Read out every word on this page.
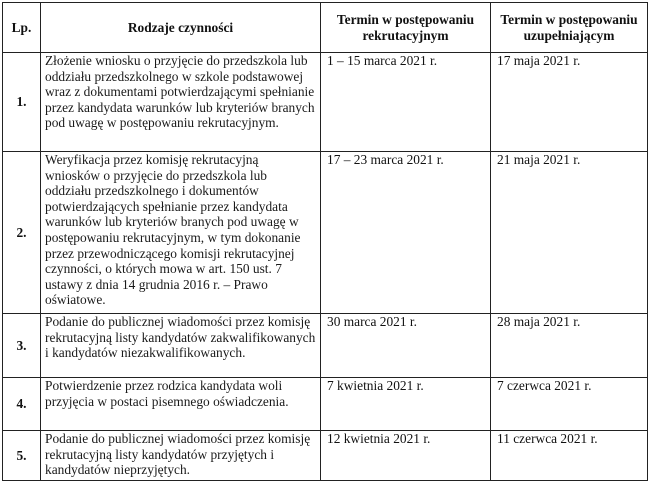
Lp.	Rodzaje czynności	Termin w postępowaniu rekrutacyjnym	Termin w postępowaniu uzupełniającym
1.	Złożenie wniosku o przyjęcie do przedszkola lub oddziału przedszkolnego w szkole podstawowej wraz z dokumentami potwierdzającymi spełnianie przez kandydata warunków lub kryteriów branych pod uwagę w postępowaniu rekrutacyjnym.	1 – 15 marca 2021 r.	17 maja 2021 r.
2.	Weryfikacja przez komisję rekrutacyjną wniosków o przyjęcie do przedszkola lub oddziału przedszkolnego i dokumentów potwierdzających spełnianie przez kandydata warunków lub kryteriów branych pod uwagę w postępowaniu rekrutacyjnym, w tym dokonanie przez przewodniczącego komisji rekrutacyjnej czynności, o których mowa w art. 150 ust. 7 ustawy z dnia 14 grudnia 2016 r. – Prawo oświatowe.	17 – 23 marca 2021 r.	21 maja 2021 r.
3.	Podanie do publicznej wiadomości przez komisję rekrutacyjną listy kandydatów zakwalifikowanych i kandydatów niezakwalifikowanych.	30 marca 2021 r.	28 maja 2021 r.
4.	Potwierdzenie przez rodzica kandydata woli przyjęcia w postaci pisemnego oświadczenia.	7 kwietnia 2021 r.	7 czerwca 2021 r.
5.	Podanie do publicznej wiadomości przez komisję rekrutacyjną listy kandydatów przyjętych i kandydatów nieprzyjętych.	12 kwietnia 2021 r.	11 czerwca 2021 r.
